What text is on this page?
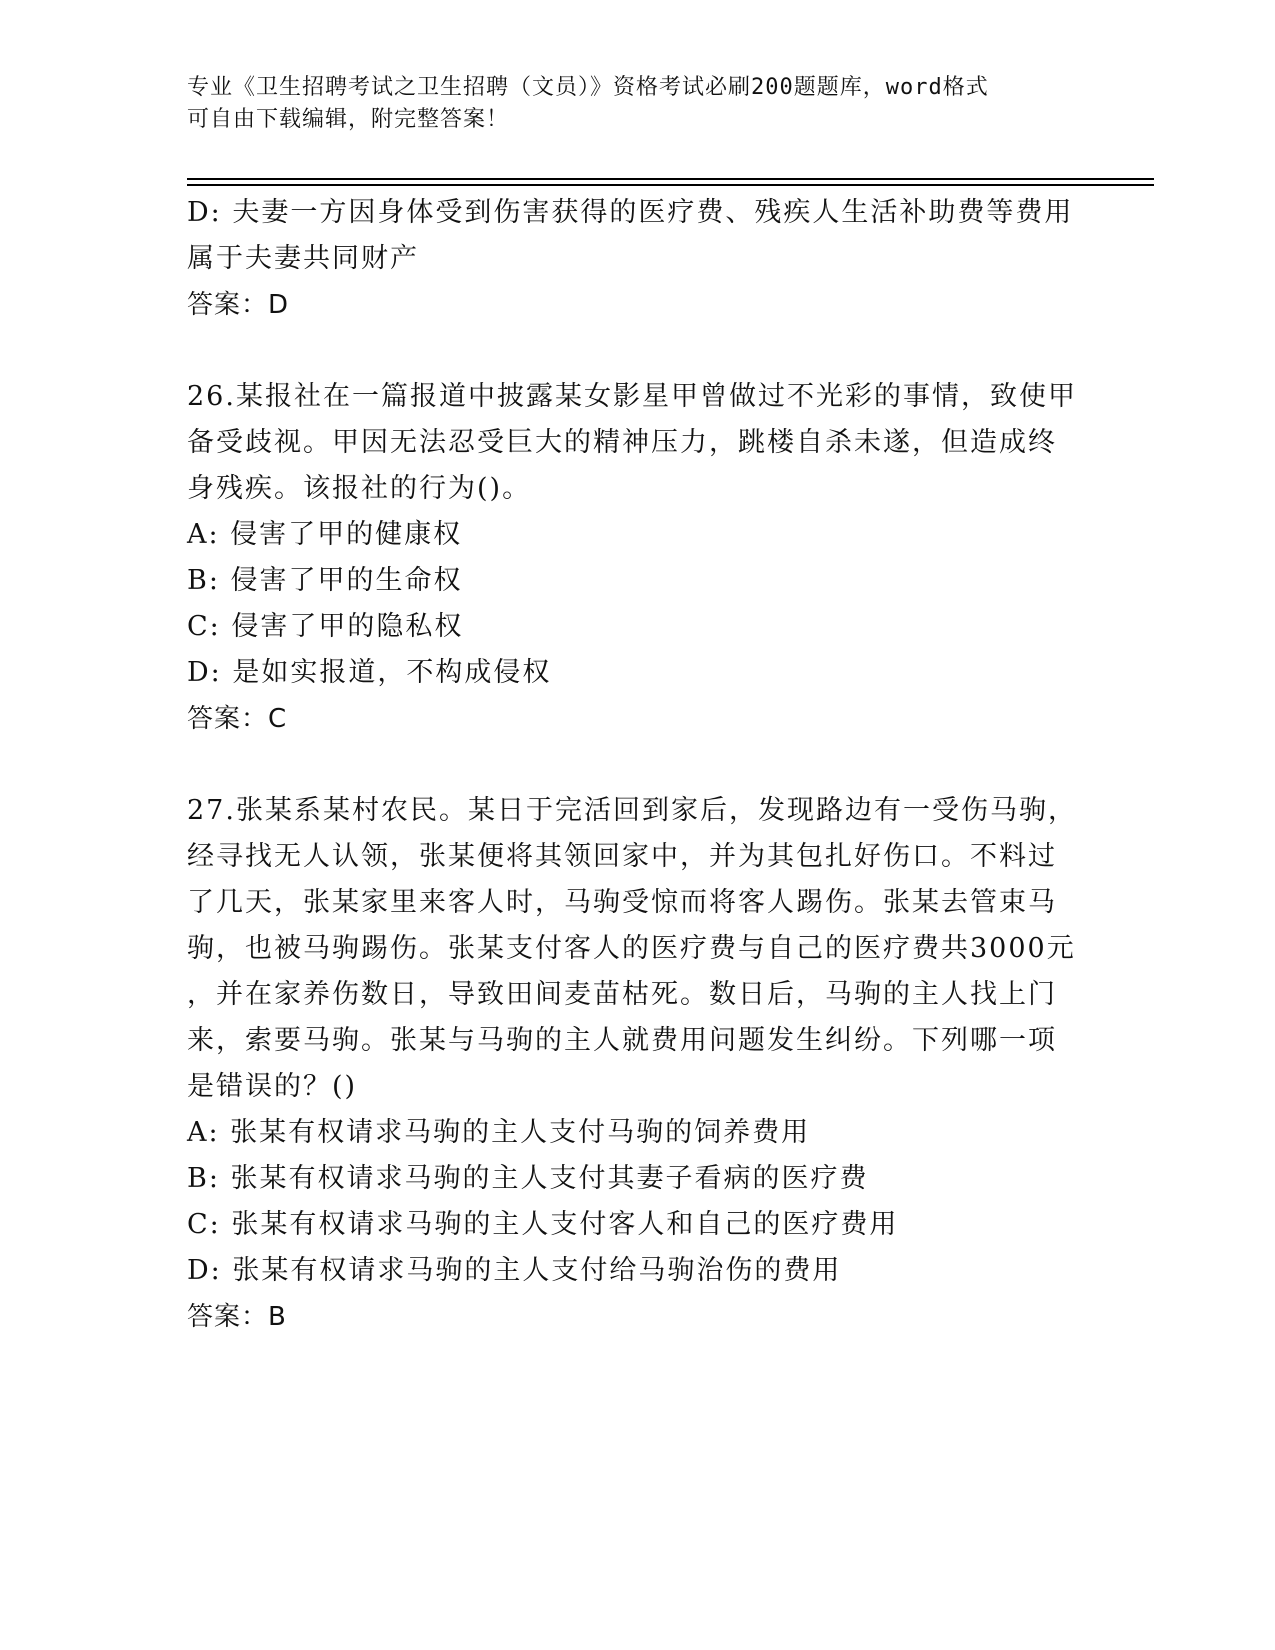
专业《卫生招聘考试之卫生招聘（文员）》资格考试必刷200题题库，word格式
可自由下载编辑，附完整答案！
D: 夫妻一方因身体受到伤害获得的医疗费、残疾人生活补助费等费用
属于夫妻共同财产
答案：D
26.某报社在一篇报道中披露某女影星甲曾做过不光彩的事情，致使甲
备受歧视。甲因无法忍受巨大的精神压力，跳楼自杀未遂，但造成终
身残疾。该报社的行为()。
A: 侵害了甲的健康权
B: 侵害了甲的生命权
C: 侵害了甲的隐私权
D: 是如实报道，不构成侵权
答案：C
27.张某系某村农民。某日于完活回到家后，发现路边有一受伤马驹，
经寻找无人认领，张某便将其领回家中，并为其包扎好伤口。不料过
了几天，张某家里来客人时，马驹受惊而将客人踢伤。张某去管束马
驹，也被马驹踢伤。张某支付客人的医疗费与自己的医疗费共3000元
，并在家养伤数日，导致田间麦苗枯死。数日后，马驹的主人找上门
来，索要马驹。张某与马驹的主人就费用问题发生纠纷。下列哪一项
是错误的？()
A: 张某有权请求马驹的主人支付马驹的饲养费用
B: 张某有权请求马驹的主人支付其妻子看病的医疗费
C: 张某有权请求马驹的主人支付客人和自己的医疗费用
D: 张某有权请求马驹的主人支付给马驹治伤的费用
答案：B
